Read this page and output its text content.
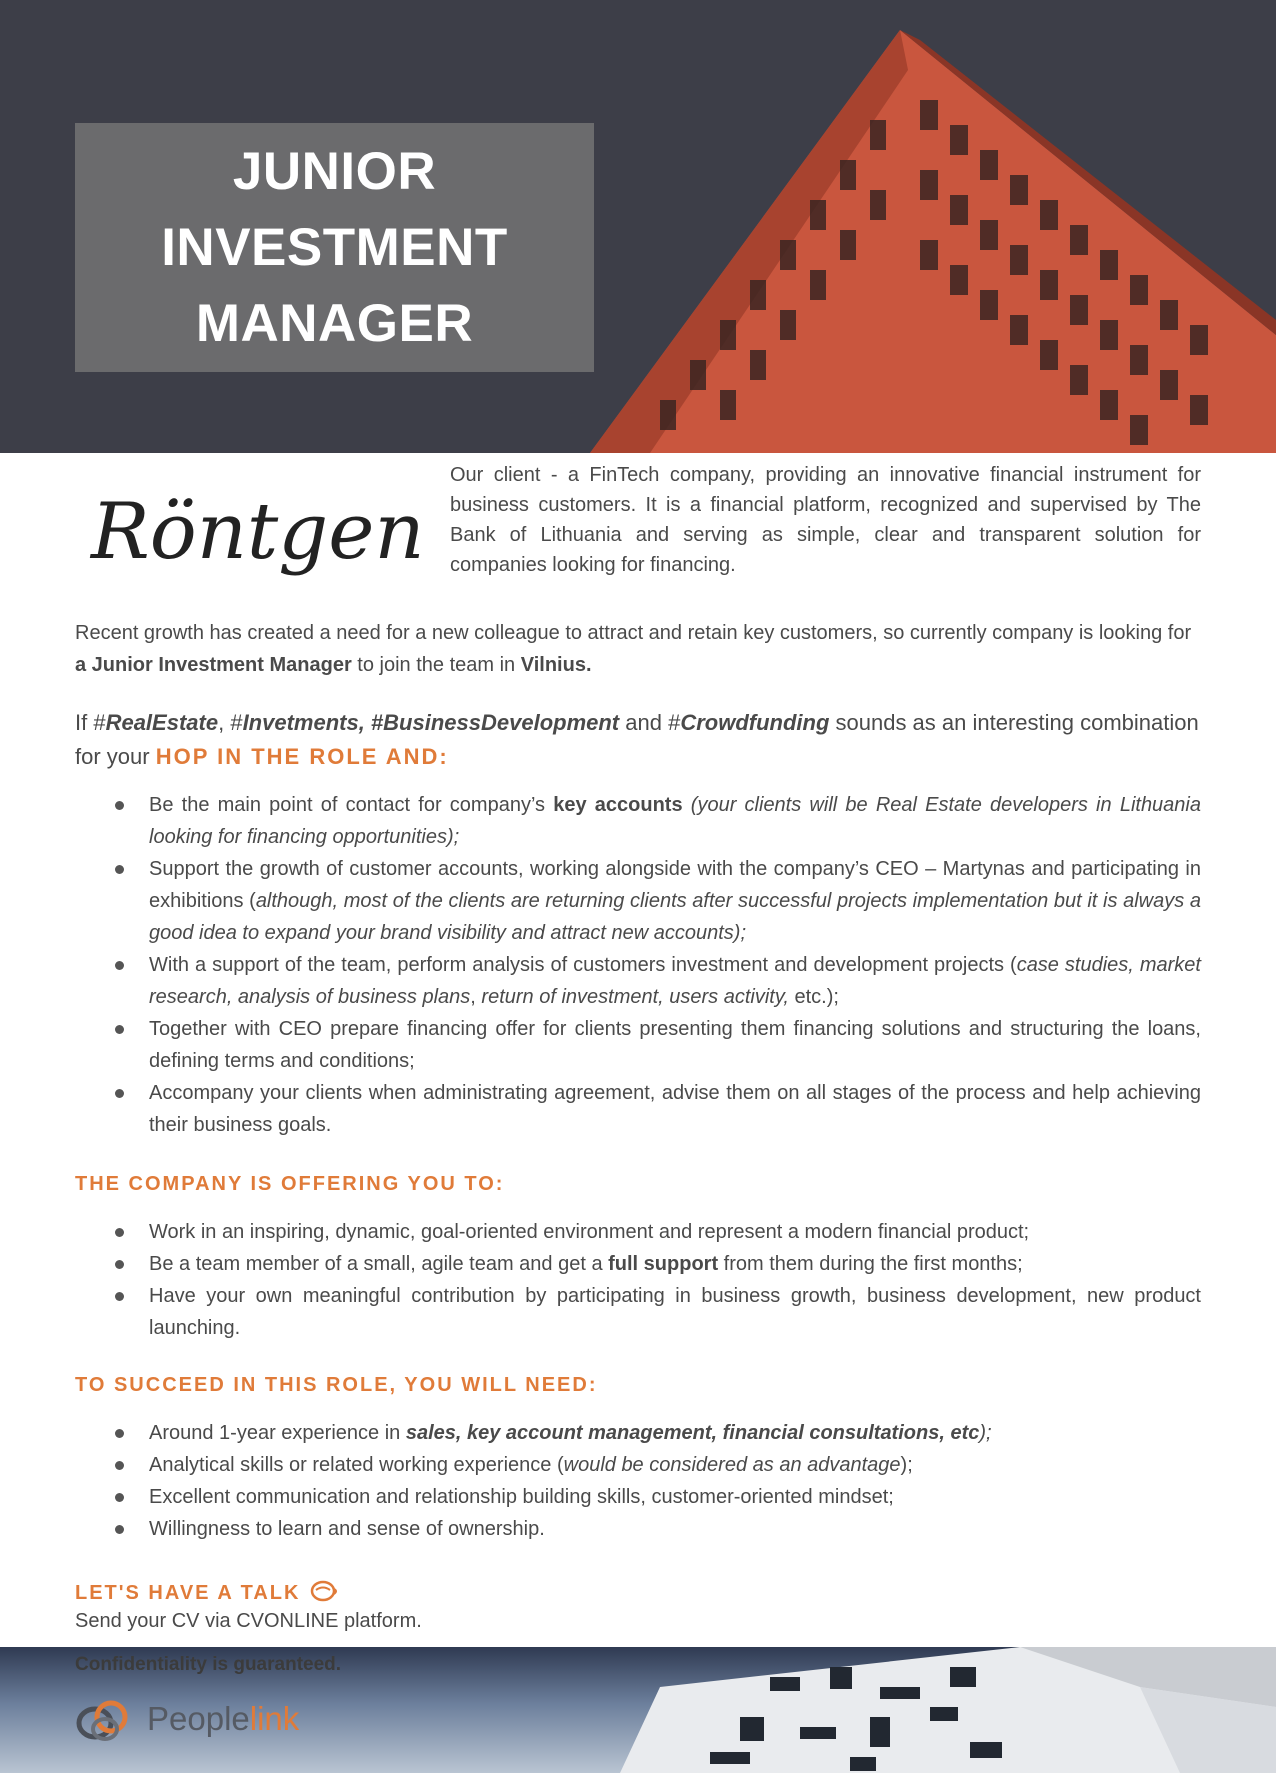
JUNIOR
INVESTMENT
MANAGER
Röntgen
Our client - a FinTech company, providing an innovative financial instrument for business customers. It is a financial platform, recognized and supervised by The Bank of Lithuania and serving as simple, clear and transparent solution for companies looking for financing.
Recent growth has created a need for a new colleague to attract and retain key customers, so currently company is looking for a Junior Investment Manager to join the team in Vilnius.
If #RealEstate, #Invetments, #BusinessDevelopment and #Crowdfunding sounds as an interesting combination for your HOP IN THE ROLE AND:
Be the main point of contact for company’s key accounts (your clients will be Real Estate developers in Lithuania looking for financing opportunities);
Support the growth of customer accounts, working alongside with the company’s CEO – Martynas and participating in exhibitions (although, most of the clients are returning clients after successful projects implementation but it is always a good idea to expand your brand visibility and attract new accounts);
With a support of the team, perform analysis of customers investment and development projects (case studies, market research, analysis of business plans, return of investment, users activity, etc.);
Together with CEO prepare financing offer for clients presenting them financing solutions and structuring the loans, defining terms and conditions;
Accompany your clients when administrating agreement, advise them on all stages of the process and help achieving their business goals.
THE COMPANY IS OFFERING YOU TO:
Work in an inspiring, dynamic, goal-oriented environment and represent a modern financial product;
Be a team member of a small, agile team and get a full support from them during the first months;
Have your own meaningful contribution by participating in business growth, business development, new product launching.
TO SUCCEED IN THIS ROLE, YOU WILL NEED:
Around 1-year experience in sales, key account management, financial consultations, etc);
Analytical skills or related working experience (would be considered as an advantage);
Excellent communication and relationship building skills, customer-oriented mindset;
Willingness to learn and sense of ownership.
LET'S HAVE A TALK
Send your CV via CVONLINE platform.
Confidentiality is guaranteed.
Peoplelink
